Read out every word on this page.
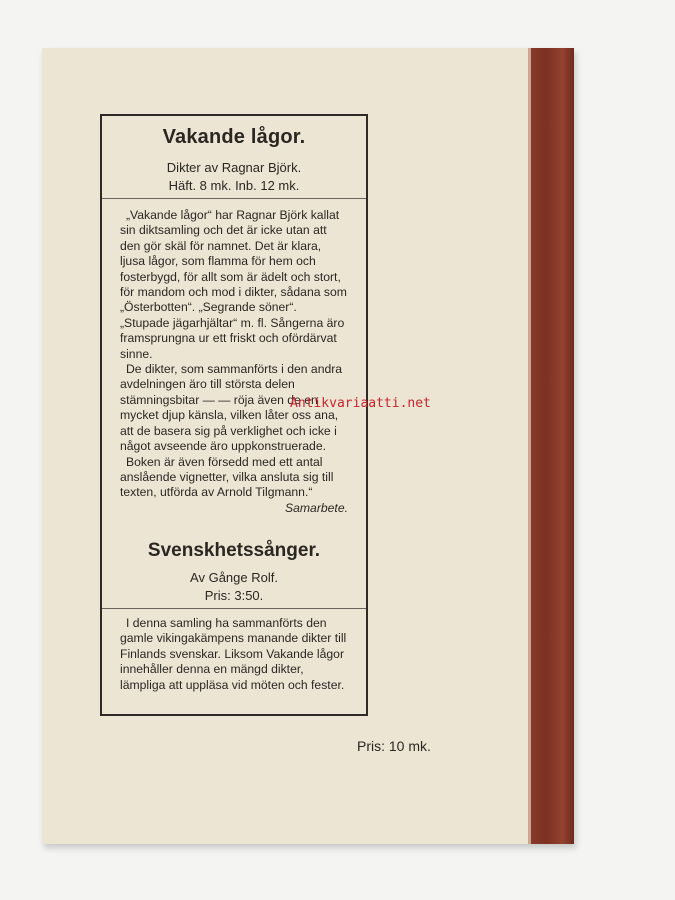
Vakande lågor.
Dikter av Ragnar Björk.
Häft. 8 mk. Inb. 12 mk.

„Vakande lågor“ har Ragnar Björk kallat sin diktsamling och det är icke utan att den gör skäl för namnet. Det är klara, ljusa lågor, som flamma för hem och fosterbygd, för allt som är ädelt och stort, för mandom och mod i dikter, sådana som „Österbotten“. „Segrande söner“. „Stupade jägarhjältar“ m. fl. Sångerna äro framsprungna ur ett friskt och ofördärvat sinne.

De dikter, som sammanförts i den andra avdelningen äro till största delen stämningsbitar — — röja även de en mycket djup känsla, vilken låter oss ana, att de basera sig på verklighet och icke i något avseende äro uppkonstruerade.

Boken är även försedd med ett antal anslående vignetter, vilka ansluta sig till texten, utförda av Arnold Tilgmann.“

Samarbete.
Svenskhetssånger.
Av Gånge Rolf.
Pris: 3:50.

I denna samling ha sammanförts den gamle vikingakämpens manande dikter till Finlands svenskar. Liksom Vakande lågor innehåller denna en mängd dikter, lämpliga att uppläsa vid möten och fester.

Pris: 10 mk.
Antikvariaatti.net
